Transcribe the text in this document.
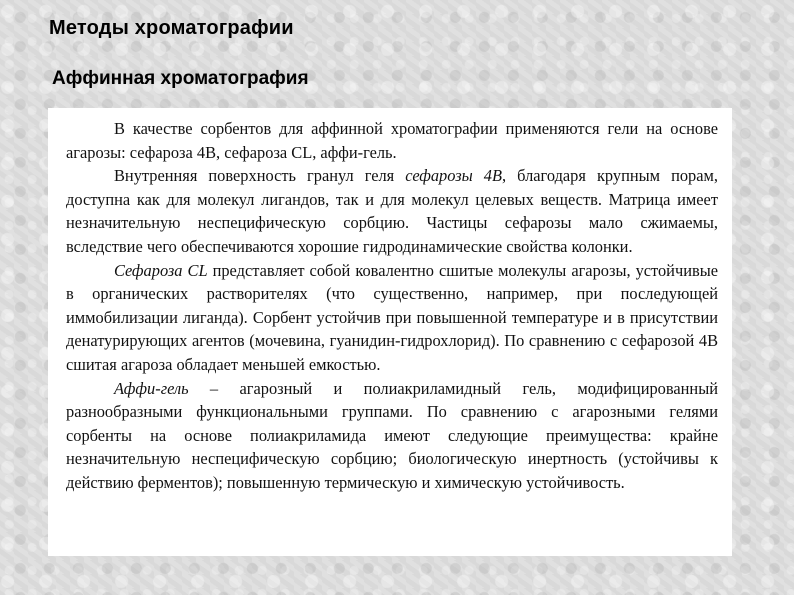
Методы хроматографии
Аффинная хроматография

В качестве сорбентов для аффинной хроматографии применяются гели на основе агарозы: сефароза 4В, сефароза CL, аффи-гель.

Внутренняя поверхность гранул геля сефарозы 4В, благодаря крупным порам, доступна как для молекул лигандов, так и для молекул целевых веществ. Матрица имеет незначительную неспецифическую сорбцию. Частицы сефарозы мало сжимаемы, вследствие чего обеспечиваются хорошие гидродинамические свойства колонки.

Сефароза CL представляет собой ковалентно сшитые молекулы агарозы, устойчивые в органических растворителях (что существенно, например, при последующей иммобилизации лиганда). Сорбент устойчив при повышенной температуре и в присутствии денатурирующих агентов (мочевина, гуанидин-гидрохлорид). По сравнению с сефарозой 4В сшитая агароза обладает меньшей емкостью.

Аффи-гель – агарозный и полиакриламидный гель, модифицированный разнообразными функциональными группами. По сравнению с агарозными гелями сорбенты на основе полиакриламида имеют следующие преимущества: крайне незначительную неспецифическую сорбцию; биологическую инертность (устойчивы к действию ферментов); повышенную термическую и химическую устойчивость.
